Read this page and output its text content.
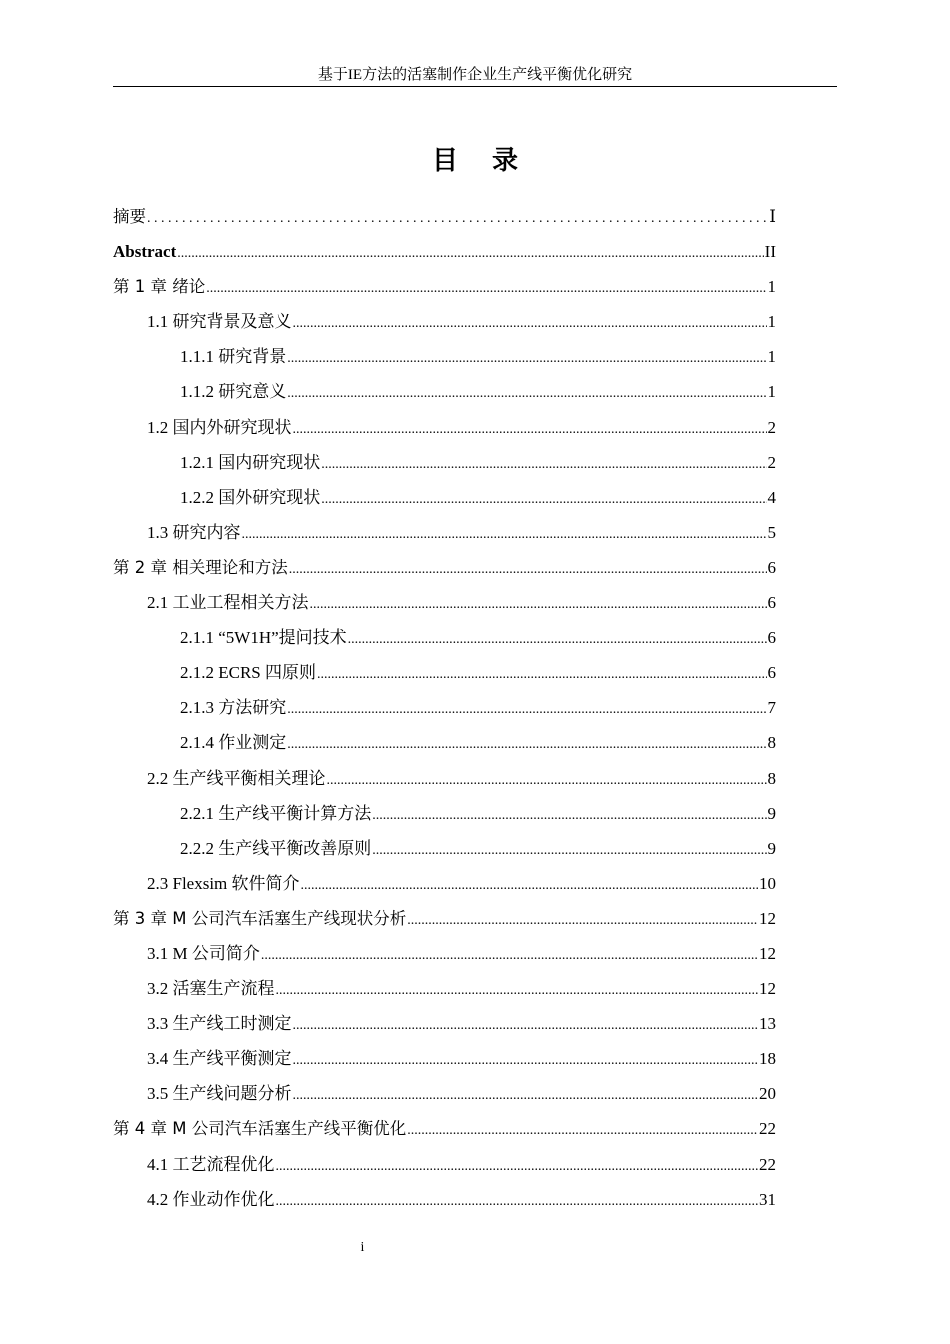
基于IE方法的活塞制作企业生产线平衡优化研究
目录
摘要 . . .	Ⅰ
Abstract .....	II
第 1 章 绪论 .....	1
1.1 研究背景及意义 .....	1
1.1.1 研究背景 .....	1
1.1.2 研究意义 .....	1
1.2 国内外研究现状 .....	2
1.2.1 国内研究现状 .....	2
1.2.2 国外研究现状 .....	4
1.3 研究内容 .....	5
第 2 章 相关理论和方法 .....	6
2.1 工业工程相关方法 .....	6
2.1.1 “5W1H”提问技术 .....	6
2.1.2 ECRS 四原则 .....	6
2.1.3 方法研究 .....	7
2.1.4 作业测定 .....	8
2.2 生产线平衡相关理论 .....	8
2.2.1 生产线平衡计算方法 .....	9
2.2.2 生产线平衡改善原则 .....	9
2.3 Flexsim 软件简介 .....	10
第 3 章 M 公司汽车活塞生产线现状分析 .....	12
3.1 M 公司简介 .....	12
3.2 活塞生产流程 .....	12
3.3 生产线工时测定 .....	13
3.4 生产线平衡测定 .....	18
3.5 生产线问题分析 .....	20
第 4 章 M 公司汽车活塞生产线平衡优化 .....	22
4.1 工艺流程优化 .....	22
4.2 作业动作优化 .....	31
i
